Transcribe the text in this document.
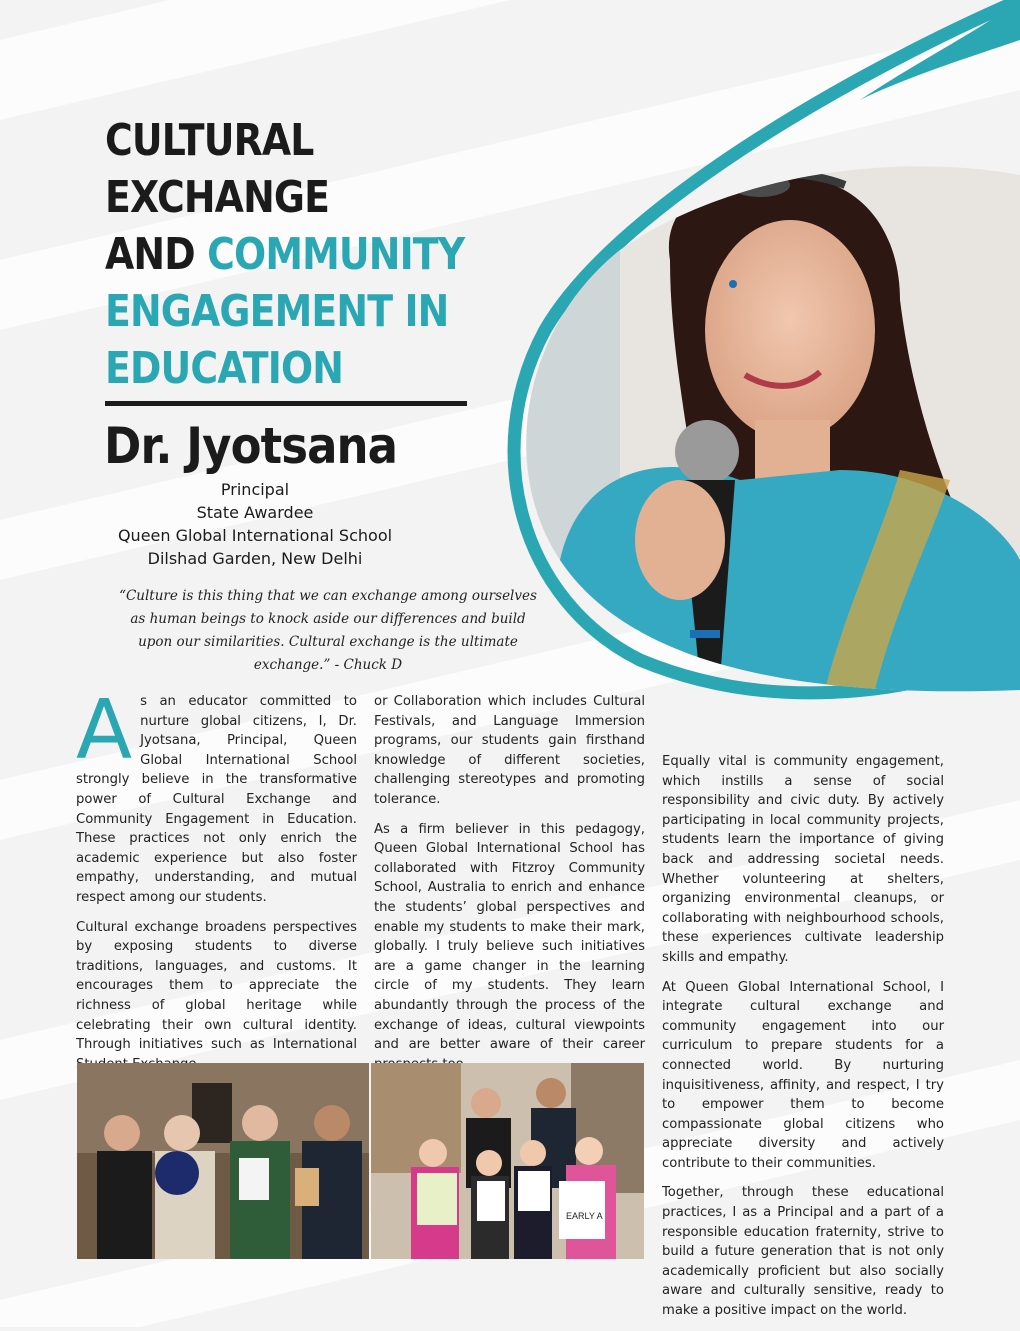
CULTURAL
EXCHANGE
AND COMMUNITY
ENGAGEMENT IN
EDUCATION
Dr. Jyotsana
Principal
State Awardee
Queen Global International School
Dilshad Garden, New Delhi
“Culture is this thing that we can exchange among ourselves as human beings to knock aside our differences and build upon our similarities. Cultural exchange is the ultimate exchange.” - Chuck D

As an educator committed to nurture global citizens, I, Dr. Jyotsana, Principal, Queen Global International School strongly believe in the transformative power of Cultural Exchange and Community Engagement in Education. These practices not only enrich the academic experience but also foster empathy, understanding, and mutual respect among our students.

Cultural exchange broadens perspectives by exposing students to diverse traditions, languages, and customs. It encourages them to appreciate the richness of global heritage while celebrating their own cultural identity. Through initiatives such as International

or Collaboration which includes Cultural Festivals, and Language Immersion programs, our students gain firsthand knowledge of different societies, challenging stereotypes and promoting tolerance.

As a firm believer in this pedagogy, Queen Global International School has collaborated with Fitzroy Community School, Australia to enrich and enhance the students’ global perspectives and enable my students to make their mark, globally. I truly believe such initiatives are a game changer in the learning circle of my students. They learn abundantly through the process of the exchange of ideas, cultural viewpoints and are better aware of their career

Equally vital is community engagement, which instills a sense of social responsibility and civic duty. By actively participating in local community projects, students learn the importance of giving back and addressing societal needs. Whether volunteering at shelters, organizing environmental cleanups, or collaborating with neighbourhood schools, these experiences cultivate leadership skills and empathy.

At Queen Global International School, I integrate cultural exchange and community engagement into our curriculum to prepare students for a connected world. By nurturing inquisitiveness, affinity, and respect, I try to empower them to become compassionate global citizens who appreciate diversity and actively contribute to their communities.

Together, through these educational practices, I as a Principal and a part of a responsible education fraternity, strive to build a future generation that is not only academically proficient but also socially aware and culturally sensitive, ready to make a positive impact on the world.

EARLY A
